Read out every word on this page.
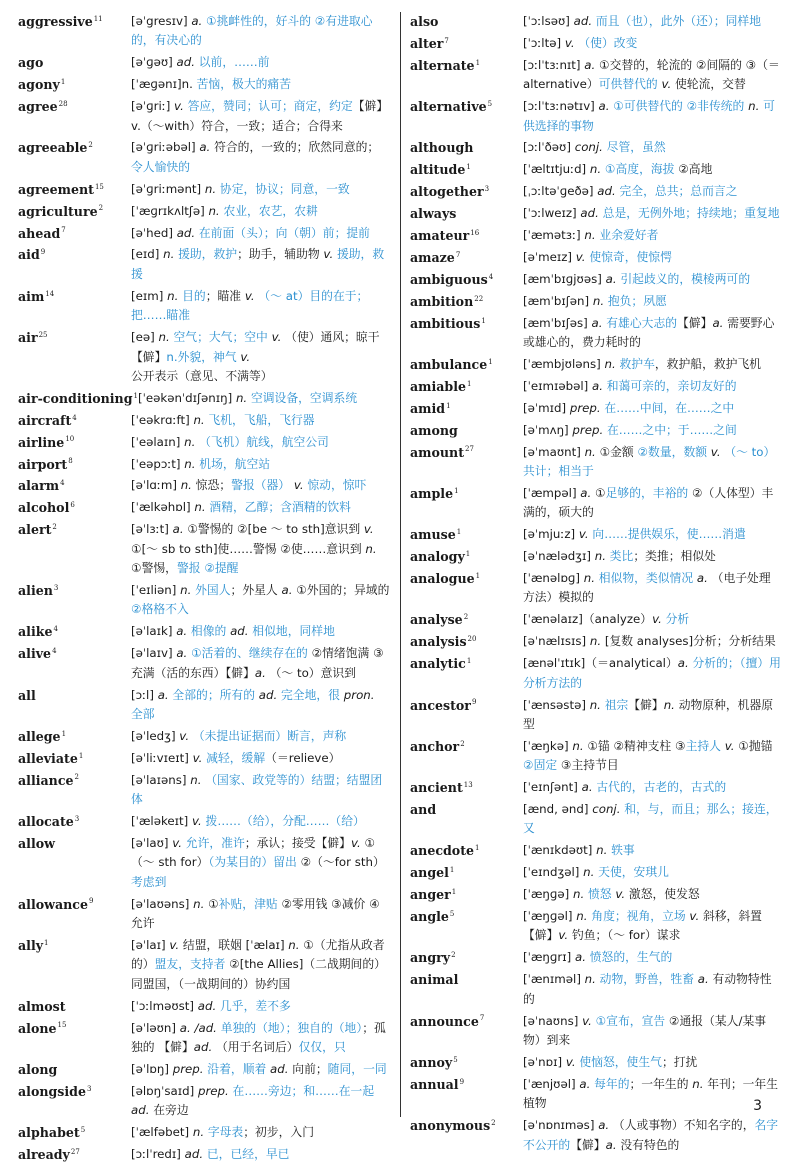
aggressive$^{11}$	[əˈgresɪv] a. ①挑衅性的，好斗的 ②有进取心的，有决心的
ago	[əˈɡəʊ] ad. 以前，……前
agony$^1$	[ˈæɡənɪ]n. 苦恼，极大的痛苦
agree$^{28}$	[əˈɡriː] v. 答应，赞同；认可；商定，约定【僻】v.（～with）符合，一致；适合；合得来
agreeable$^2$	[əˈɡriːəbəl] a. 符合的，一致的；欣然同意的；令人愉快的
agreement$^{15}$	[əˈɡriːmənt] n. 协定，协议；同意，一致
agriculture$^2$	[ˈæɡrɪkʌltʃə] n. 农业，农艺，农耕
ahead$^7$	[əˈhed] ad. 在前面（头）；向（朝）前；提前
aid$^9$	[eɪd] n. 援助，救护；助手，辅助物 v. 援助，救援
aim$^{14}$	[eɪm] n. 目的；瞄准 v. （～ at）目的在于；把……瞄准
air$^{25}$	[eə] n. 空气；大气；空中 v. （使）通风；晾干 【僻】n.外貌，神气 v. 公开表示（意见、不满等）
air-conditioning$^1$ [ˈeəkənˈdɪʃənɪŋ] n. 空调设备，空调系统
aircraft$^4$	[ˈeəkrɑːft] n. 飞机，飞船，飞行器
airline$^{10}$	[ˈeəlaɪn] n. （飞机）航线，航空公司
airport$^8$	[ˈeəpɔːt] n. 机场，航空站
alarm$^4$	[əˈlɑːm] n. 惊恐；警报（器） v. 惊动，惊吓
alcohol$^6$	[ˈælkəhɒl] n. 酒精，乙醇；含酒精的饮料
alert$^2$	[əˈlɜːt] a. ①警惕的 ②[be ～ to sth]意识到 v. ①[～ sb to sth]使……警惕 ②使……意识到 n. ①警惕，警报 ②提醒
alien$^3$	[ˈeɪliən] n. 外国人；外星人 a. ①外国的；异域的 ②格格不入
alike$^4$	[əˈlaɪk] a. 相像的 ad. 相似地，同样地
alive$^4$	[əˈlaɪv] a. ①活着的、继续存在的 ②情绪饱满 ③充满（活的东西）【僻】a. （～ to）意识到
all	[ɔːl] a. 全部的；所有的 ad. 完全地，很 pron. 全部
allege$^1$	[əˈledʒ] v. （未提出证据而）断言，声称
alleviate$^1$	[əˈliːvɪeɪt] v. 减轻，缓解（＝relieve）
alliance$^2$	[əˈlaɪəns] n. （国家、政党等的）结盟；结盟团体
allocate$^3$	[ˈæləkeɪt] v. 拨……（给），分配……（给）
allow	[əˈlaʊ] v. 允许，准许；承认；接受【僻】v. ①（～ sth for）（为某目的）留出 ②（～for sth）考虑到
allowance$^9$	[əˈlaʊəns] n. ①补贴，津贴 ②零用钱 ③减价 ④允许
ally$^1$	[əˈlaɪ] v. 结盟，联姻 [ˈælaɪ] n. ①（尤指从政者的）盟友，支持者 ②[the Allies]（二战期间的）同盟国，（一战期间的）协约国
almost	[ˈɔːlməʊst] ad. 几乎，差不多
alone$^{15}$	[əˈləʊn] a. /ad. 单独的（地）；独自的（地）；孤独的 【僻】ad. （用于名词后）仅仅，只
along	[əˈlɒŋ] prep. 沿着，顺着 ad. 向前；随同，一同
alongside$^3$	[əlɒŋˈsaɪd] prep. 在……旁边；和……在一起 ad. 在旁边
alphabet$^5$	[ˈælfəbet] n. 字母表；初步，入门
already$^{27}$	[ɔːlˈredɪ] ad. 已，已经，早已
also	[ˈɔːlsəʊ] ad. 而且（也），此外（还）；同样地
alter$^7$	[ˈɔːltə] v. （使）改变
alternate$^1$	[ɔːlˈtɜːnɪt] a. ①交替的，轮流的 ②间隔的 ③（＝alternative）可供替代的 v. 使轮流，交替
alternative$^5$	[ɔːlˈtɜːnətɪv] a. ①可供替代的 ②非传统的 n. 可供选择的事物
although	[ɔːlˈðəʊ] conj. 尽管，虽然
altitude$^1$	[ˈæltɪtjuːd] n. ①高度，海拔 ②高地
altogether$^3$	[ˌɔːltəˈɡeðə] ad. 完全，总共；总而言之
always	[ˈɔːlweɪz] ad. 总是，无例外地；持续地；重复地
amateur$^{16}$	[ˈæmətɜː] n. 业余爱好者
amaze$^7$	[əˈmeɪz] v. 使惊奇，使惊愕
ambiguous$^4$	[æmˈbɪɡjʊəs] a. 引起歧义的，模棱两可的
ambition$^{22}$	[æmˈbɪʃən] n. 抱负；夙愿
ambitious$^1$	[æmˈbɪʃəs] a. 有雄心大志的【僻】a. 需要野心或雄心的，费力耗时的
ambulance$^1$	[ˈæmbjʊləns] n. 救护车，救护船，救护飞机
amiable$^1$	[ˈeɪmɪəbəl] a. 和蔼可亲的，亲切友好的
amid$^1$	[əˈmɪd] prep. 在……中间，在……之中
among	[əˈmʌŋ] prep. 在……之中；于……之间
amount$^{27}$	[əˈmaʊnt] n. ①金额 ②数量，数额 v. （～ to）共计；相当于
ample$^1$	[ˈæmpəl] a. ①足够的，丰裕的 ②（人体型）丰满的，硕大的
amuse$^1$	[əˈmjuːz] v. 向……提供娱乐，使……消遣
analogy$^1$	[əˈnælədʒɪ] n. 类比；类推；相似处
analogue$^1$	[ˈænəlɒɡ] n. 相似物，类似情况 a. （电子处理方法）模拟的
analyse$^2$	[ˈænəlaɪz]（analyze）v. 分析
analysis$^{20}$	[əˈnælɪsɪs] n. [复数 analyses]分析；分析结果
analytic$^1$	[ænəlˈɪtɪk]（＝analytical）a. 分析的；（擅）用分析方法的
ancestor$^9$	[ˈænsəstə] n. 祖宗【僻】n. 动物原种，机器原型
anchor$^2$	[ˈæŋkə] n. ①锚 ②精神支柱 ③主持人 v. ①抛锚 ②固定 ③主持节目
ancient$^{13}$	[ˈeɪnʃənt] a. 古代的，古老的，古式的
and	[ænd, ənd] conj. 和，与，而且；那么；接连，又
anecdote$^1$	[ˈænɪkdəʊt] n. 轶事
angel$^1$	[ˈeɪndʒəl] n. 天使，安琪儿
anger$^1$	[ˈæŋɡə] n. 愤怒 v. 激怒，使发怒
angle$^5$	[ˈæŋɡəl] n. 角度；视角，立场 v. 斜移，斜置 【僻】v. 钓鱼；（～ for）谋求
angry$^2$	[ˈæŋɡrɪ] a. 愤怒的，生气的
animal	[ˈænɪməl] n. 动物，野兽，牲畜 a. 有动物特性的
announce$^7$	[əˈnaʊns] v. ①宣布，宣告 ②通报（某人/某事物）到来
annoy$^5$	[əˈnɒɪ] v. 使恼怒，使生气；打扰
annual$^9$	[ˈænjʊəl] a. 每年的；一年生的 n. 年刊；一年生植物
anonymous$^2$	[əˈnɒnɪməs] a. （人或事物）不知名字的，名字不公开的【僻】a. 没有特色的
3
